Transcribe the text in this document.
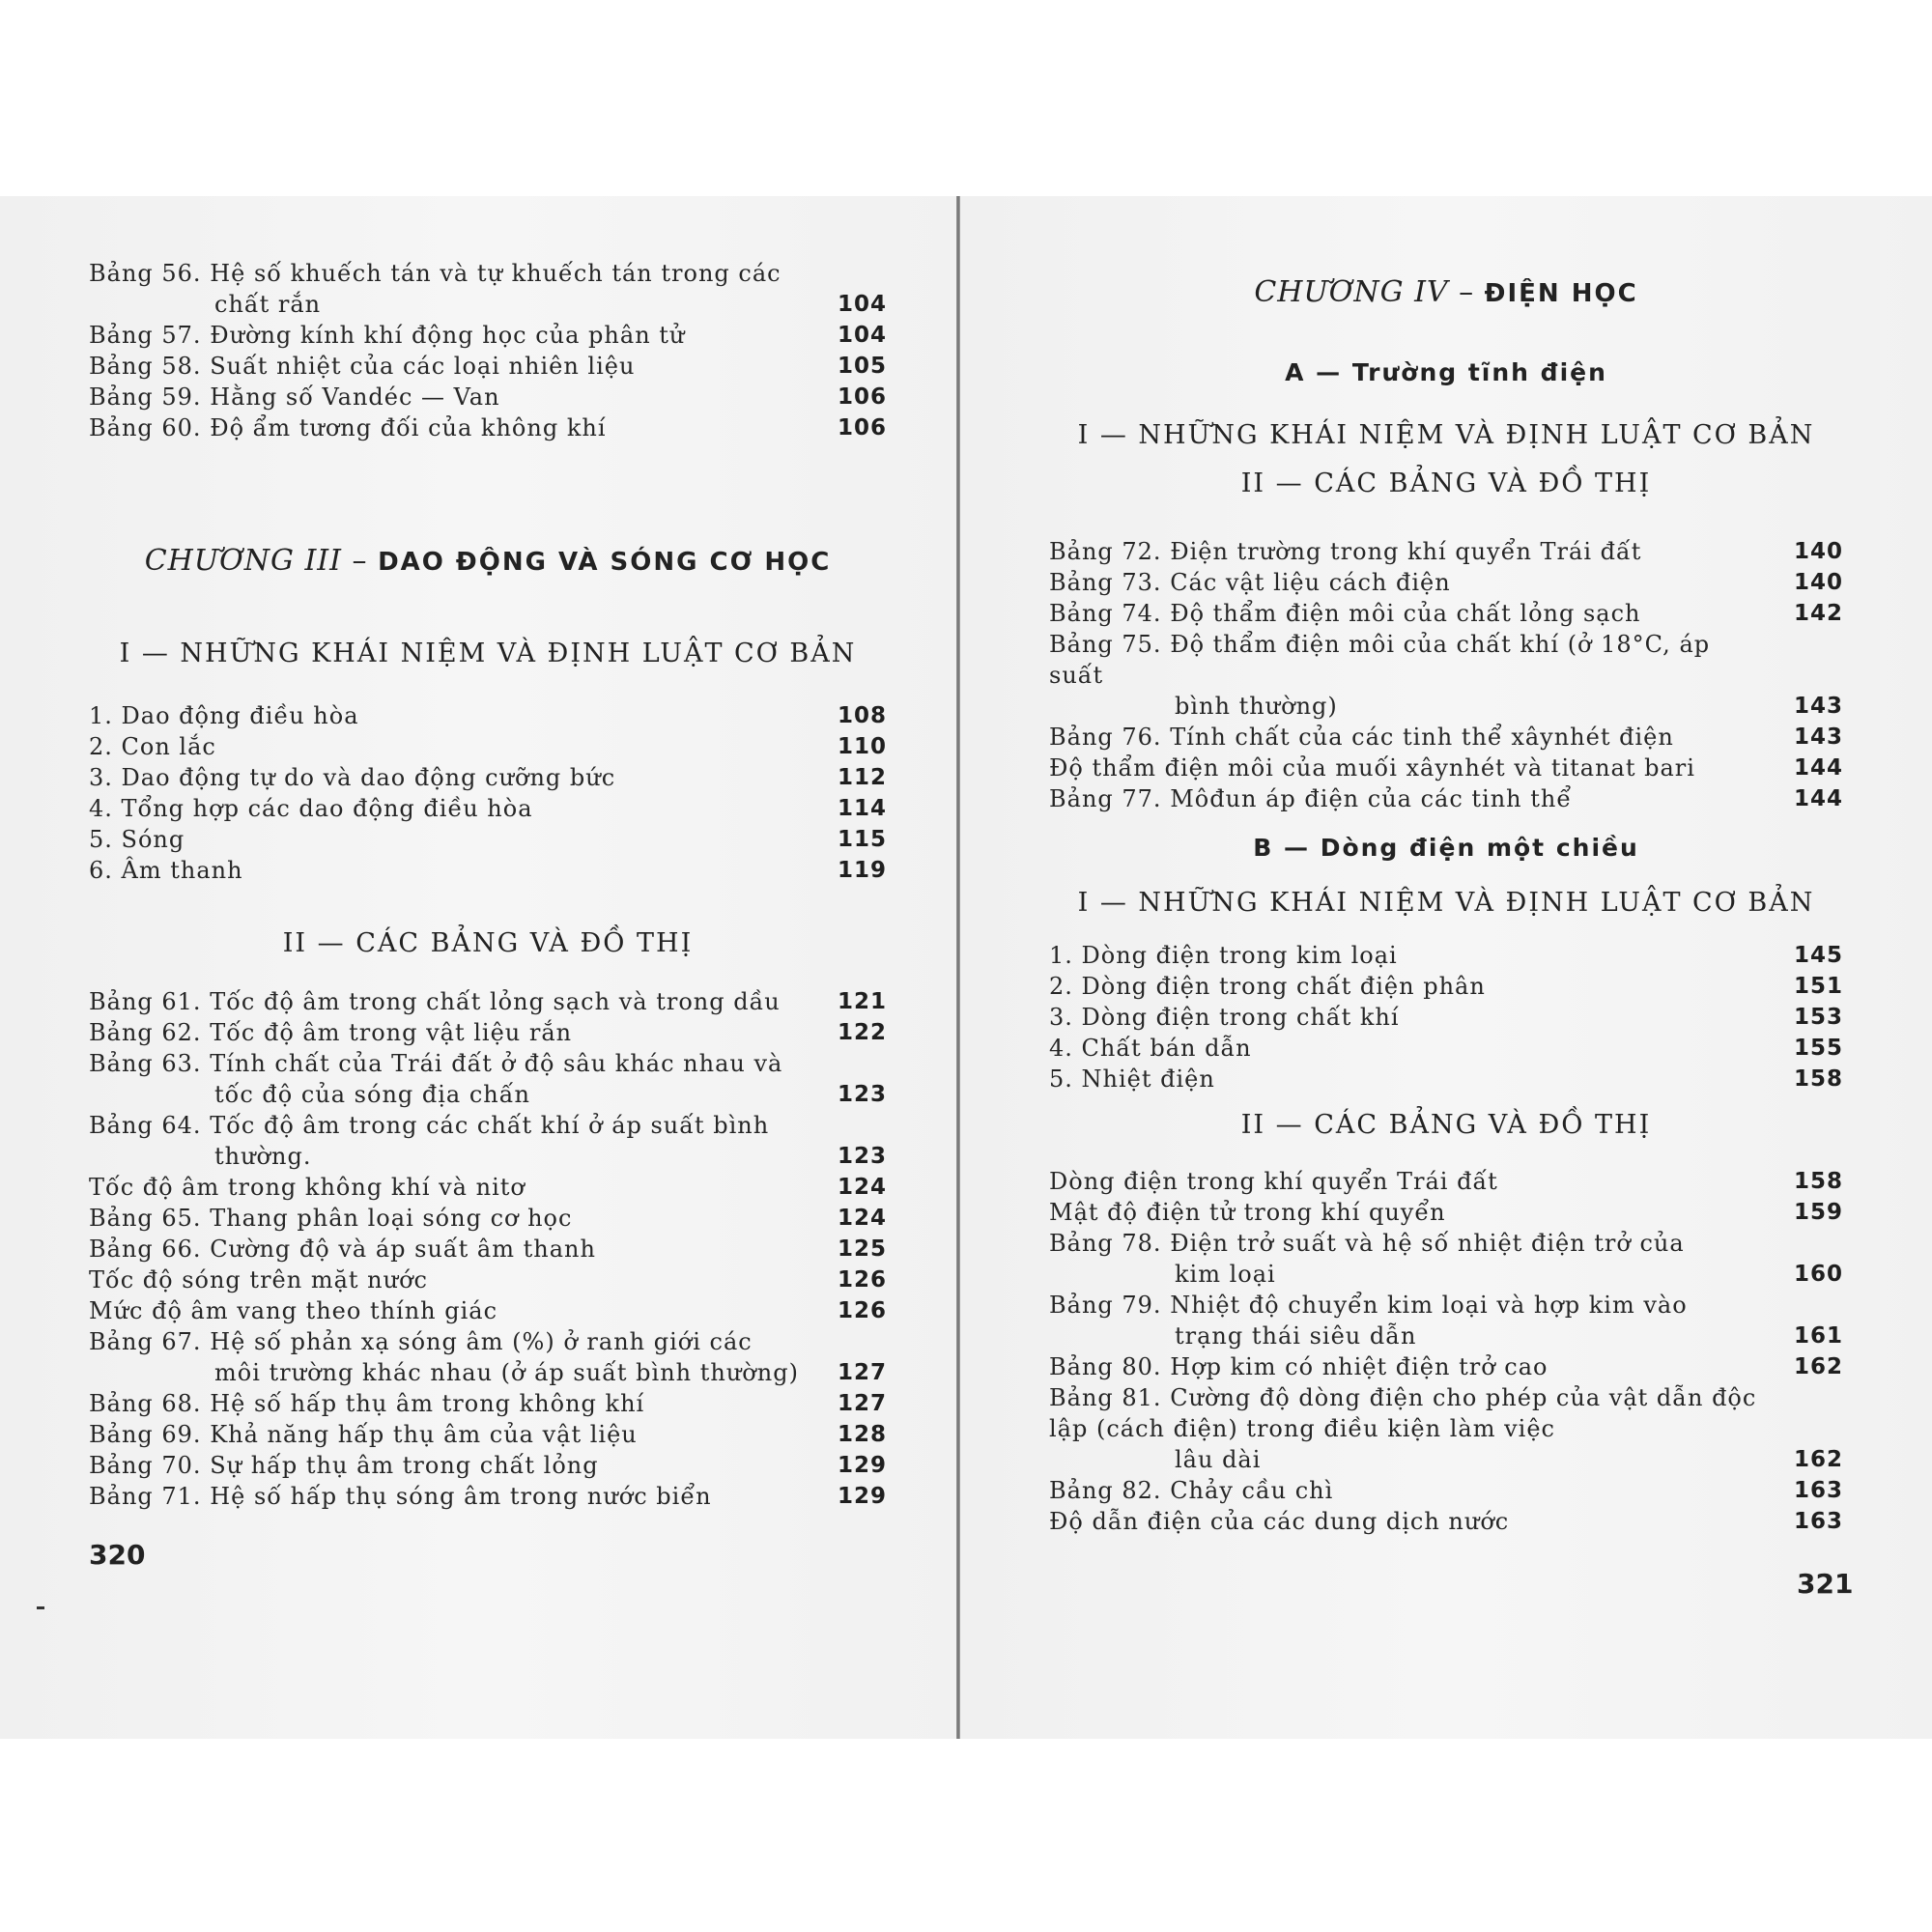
Bảng 56. Hệ số khuếch tán và tự khuếch tán trong các
chất rắn	104
Bảng 57. Đường kính khí động học của phân tử	104
Bảng 58. Suất nhiệt của các loại nhiên liệu	105
Bảng 59. Hằng số Vandéc — Van	106
Bảng 60. Độ ẩm tương đối của không khí	106

CHƯƠNG III – DAO ĐỘNG VÀ SÓNG CƠ HỌC

I — NHỮNG KHÁI NIỆM VÀ ĐỊNH LUẬT CƠ BẢN
1. Dao động điều hòa	108
2. Con lắc	110
3. Dao động tự do và dao động cưỡng bức	112
4. Tổng hợp các dao động điều hòa	114
5. Sóng	115
6. Âm thanh	119
II — CÁC BẢNG VÀ ĐỒ THỊ
Bảng 61. Tốc độ âm trong chất lỏng sạch và trong dầu	121
Bảng 62. Tốc độ âm trong vật liệu rắn	122
Bảng 63. Tính chất của Trái đất ở độ sâu khác nhau và
tốc độ của sóng địa chấn	123
Bảng 64. Tốc độ âm trong các chất khí ở áp suất bình
thường.	123
Tốc độ âm trong không khí và nitơ	124
Bảng 65. Thang phân loại sóng cơ học	124
Bảng 66. Cường độ và áp suất âm thanh	125
Tốc độ sóng trên mặt nước	126
Mức độ âm vang theo thính giác	126
Bảng 67. Hệ số phản xạ sóng âm (%) ở ranh giới các
môi trường khác nhau (ở áp suất bình thường)	127
Bảng 68. Hệ số hấp thụ âm trong không khí	127
Bảng 69. Khả năng hấp thụ âm của vật liệu	128
Bảng 70. Sự hấp thụ âm trong chất lỏng	129
Bảng 71. Hệ số hấp thụ sóng âm trong nước biển	129
320

CHƯƠNG IV – ĐIỆN HỌC

A — Trường tĩnh điện
I — NHỮNG KHÁI NIỆM VÀ ĐỊNH LUẬT CƠ BẢN
II — CÁC BẢNG VÀ ĐỒ THỊ
Bảng 72. Điện trường trong khí quyển Trái đất	140
Bảng 73. Các vật liệu cách điện	140
Bảng 74. Độ thẩm điện môi của chất lỏng sạch	142
Bảng 75. Độ thẩm điện môi của chất khí (ở 18°C, áp suất
bình thường)	143
Bảng 76. Tính chất của các tinh thể xâynhét điện	143
Độ thẩm điện môi của muối xâynhét và titanat bari	144
Bảng 77. Môđun áp điện của các tinh thể	144
B — Dòng điện một chiều
I — NHỮNG KHÁI NIỆM VÀ ĐỊNH LUẬT CƠ BẢN
1. Dòng điện trong kim loại	145
2. Dòng điện trong chất điện phân	151
3. Dòng điện trong chất khí	153
4. Chất bán dẫn	155
5. Nhiệt điện	158
II — CÁC BẢNG VÀ ĐỒ THỊ
Dòng điện trong khí quyển Trái đất	158
Mật độ điện tử trong khí quyển	159
Bảng 78. Điện trở suất và hệ số nhiệt điện trở của
kim loại	160
Bảng 79. Nhiệt độ chuyển kim loại và hợp kim vào
trạng thái siêu dẫn	161
Bảng 80. Hợp kim có nhiệt điện trở cao	162
Bảng 81. Cường độ dòng điện cho phép của vật dẫn độc lập (cách điện) trong điều kiện làm việc
lâu dài	162
Bảng 82. Chảy cầu chì	163
Độ dẫn điện của các dung dịch nước	163
321
